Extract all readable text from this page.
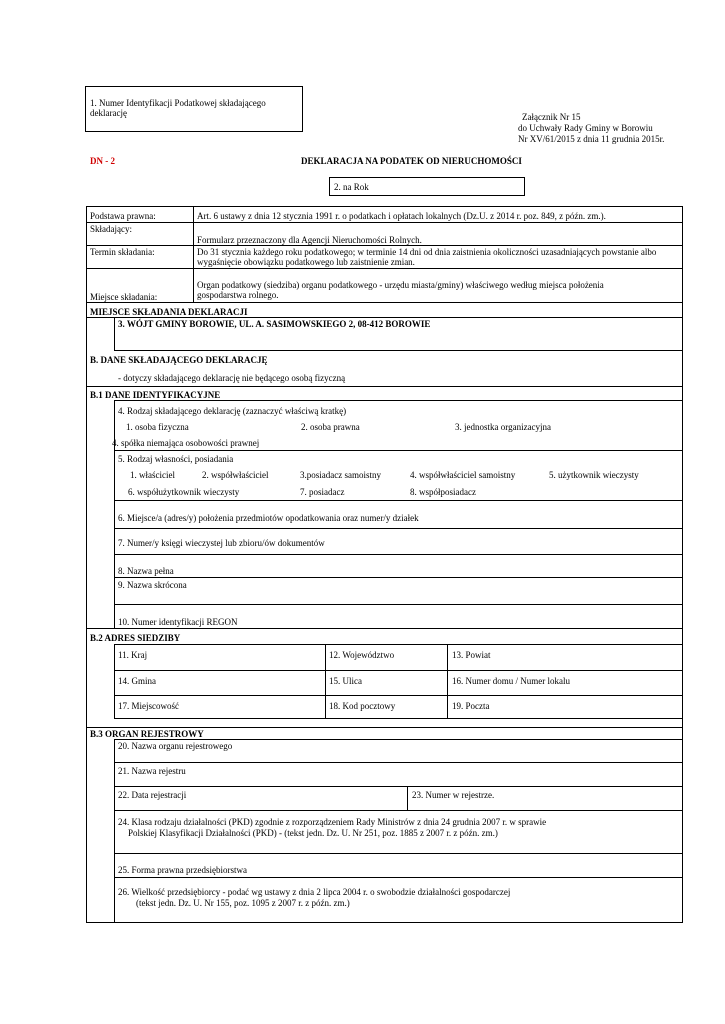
1. Numer Identyfikacji Podatkowej składającego deklarację	Załącznik Nr 15
do Uchwały Rady Gminy w Borowiu
Nr XV/61/2015 z dnia 11 grudnia 2015r.
DN - 2	DEKLARACJA NA PODATEK OD NIERUCHOMOŚCI
2. na Rok
Podstawa prawna:	Art. 6 ustawy z dnia 12 stycznia 1991 r. o podatkach i opłatach lokalnych (Dz.U. z 2014 r. poz. 849, z późn. zm.).
Składający:
Formularz przeznaczony dla Agencji Nieruchomości Rolnych.
Termin składania:	Do 31 stycznia każdego roku podatkowego; w terminie 14 dni od dnia zaistnienia okoliczności uzasadniających powstanie albo wygaśnięcie obowiązku podatkowego lub zaistnienie zmian.
Miejsce składania:
Organ podatkowy (siedziba) organu podatkowego - urzędu miasta/gminy) właściwego według miejsca położenia gospodarstwa rolnego.
MIEJSCE SKŁADANIA DEKLARACJI
3. WÓJT GMINY BOROWIE, UL. A. SASIMOWSKIEGO 2, 08-412 BOROWIE
B. DANE SKŁADAJĄCEGO DEKLARACJĘ
- dotyczy składającego deklarację nie będącego osobą fizyczną
B.1 DANE IDENTYFIKACYJNE
4. Rodzaj składającego deklarację (zaznaczyć właściwą kratkę)
1. osoba fizyczna	2. osoba prawna	3. jednostka organizacyjna
4. spółka niemająca osobowości prawnej
5. Rodzaj własności, posiadania
1. właściciel	2. współwłaściciel	3.posiadacz samoistny	4. współwłaściciel samoistny	5. użytkownik wieczysty
6. współużytkownik wieczysty	7. posiadacz	8. współposiadacz
6. Miejsce/a (adres/y) położenia przedmiotów opodatkowania oraz numer/y działek
7. Numer/y księgi wieczystej lub zbioru/ów dokumentów
8. Nazwa pełna
9. Nazwa skrócona
10. Numer identyfikacji REGON
B.2 ADRES SIEDZIBY
11. Kraj	12. Województwo	13. Powiat
14. Gmina	15. Ulica	16. Numer domu / Numer lokalu
17. Miejscowość	18. Kod pocztowy	19. Poczta
B.3 ORGAN REJESTROWY
20. Nazwa organu rejestrowego
21. Nazwa rejestru
22. Data rejestracji	23. Numer w rejestrze.
24. Klasa rodzaju działalności (PKD) zgodnie z rozporządzeniem Rady Ministrów z dnia 24 grudnia 2007 r. w sprawie
Polskiej Klasyfikacji Działalności (PKD) - (tekst jedn. Dz. U. Nr 251, poz. 1885 z 2007 r. z późn. zm.)
25. Forma prawna przedsiębiorstwa
26. Wielkość przedsiębiorcy - podać wg ustawy z dnia 2 lipca 2004 r. o swobodzie działalności gospodarczej
(tekst jedn. Dz. U. Nr 155, poz. 1095 z 2007 r. z późn. zm.)
